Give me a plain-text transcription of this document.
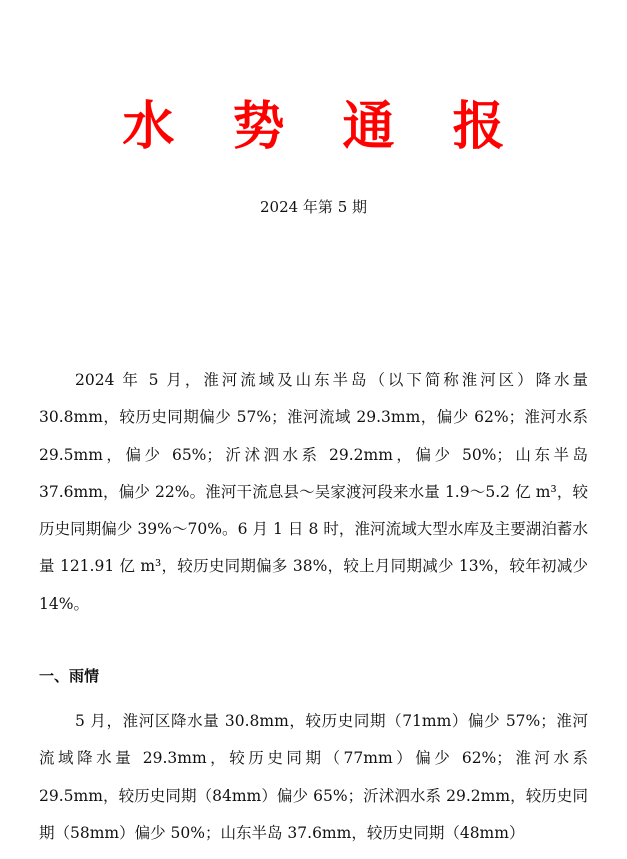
水 势 通 报
2024 年第 5 期

2024 年 5 月，淮河流域及山东半岛（以下简称淮河区）降水量 30.8mm，较历史同期偏少 57%；淮河流域 29.3mm，偏少 62%；淮河水系 29.5mm，偏少 65%；沂沭泗水系 29.2mm，偏少 50%；山东半岛 37.6mm，偏少 22%。淮河干流息县～吴家渡河段来水量 1.9～5.2 亿 m³，较历史同期偏少 39%～70%。6 月 1 日 8 时，淮河流域大型水库及主要湖泊蓄水量 121.91 亿 m³，较历史同期偏多 38%，较上月同期减少 13%，较年初减少 14%。

一、雨情

5 月，淮河区降水量 30.8mm，较历史同期（71mm）偏少 57%；淮河流域降水量 29.3mm，较历史同期（77mm）偏少 62%；淮河水系 29.5mm，较历史同期（84mm）偏少 65%；沂沭泗水系 29.2mm，较历史同期（58mm）偏少 50%；山东半岛 37.6mm，较历史同期（48mm）
